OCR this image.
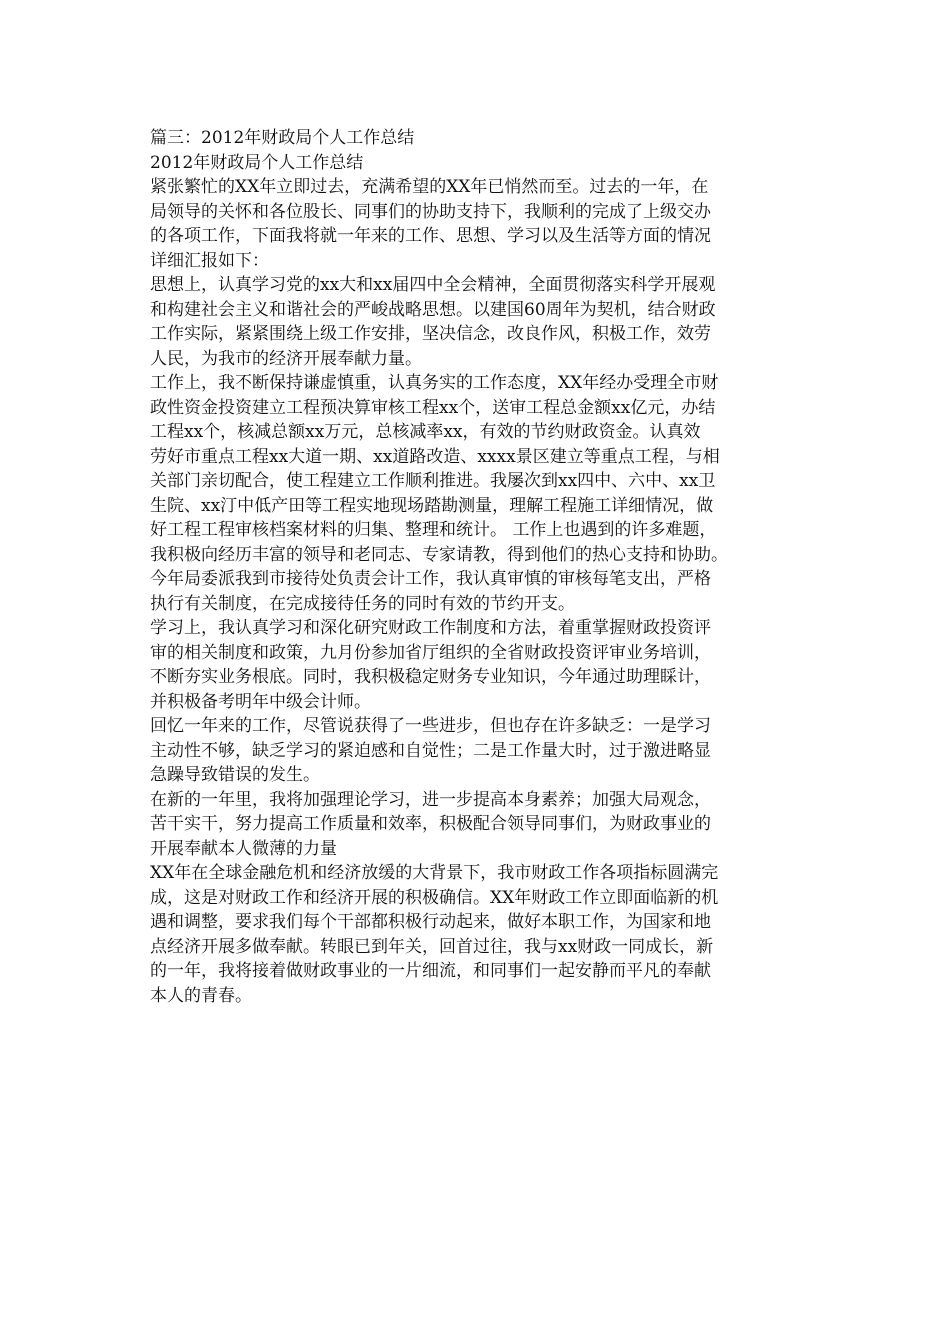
篇三：2012年财政局个人工作总结
2012年财政局个人工作总结
紧张繁忙的XX年立即过去，充满希望的XX年已悄然而至。过去的一年，在
局领导的关怀和各位股长、同事们的协助支持下，我顺利的完成了上级交办
的各项工作，下面我将就一年来的工作、思想、学习以及生活等方面的情况
详细汇报如下：
思想上，认真学习党的xx大和xx届四中全会精神，全面贯彻落实科学开展观
和构建社会主义和谐社会的严峻战略思想。以建国60周年为契机，结合财政
工作实际，紧紧围绕上级工作安排，坚决信念，改良作风，积极工作，效劳
人民，为我市的经济开展奉献力量。
工作上，我不断保持谦虚慎重，认真务实的工作态度，XX年经办受理全市财
政性资金投资建立工程预决算审核工程xx个，送审工程总金额xx亿元，办结
工程xx个，核减总额xx万元，总核减率xx，有效的节约财政资金。认真效
劳好市重点工程xx大道一期、xx道路改造、xxxx景区建立等重点工程，与相
关部门亲切配合，使工程建立工作顺利推进。我屡次到xx四中、六中、xx卫
生院、xx汀中低产田等工程实地现场踏勘测量，理解工程施工详细情况，做
好工程工程审核档案材料的归集、整理和统计。 工作上也遇到的许多难题，
我积极向经历丰富的领导和老同志、专家请教，得到他们的热心支持和协助。
今年局委派我到市接待处负责会计工作，我认真审慎的审核每笔支出，严格
执行有关制度，在完成接待任务的同时有效的节约开支。
学习上，我认真学习和深化研究财政工作制度和方法，着重掌握财政投资评
审的相关制度和政策，九月份参加省厅组织的全省财政投资评审业务培训，
不断夯实业务根底。同时，我积极稳定财务专业知识，今年通过助理睬计，
并积极备考明年中级会计师。
回忆一年来的工作，尽管说获得了一些进步，但也存在许多缺乏：一是学习
主动性不够，缺乏学习的紧迫感和自觉性；二是工作量大时，过于激进略显
急躁导致错误的发生。
在新的一年里，我将加强理论学习，进一步提高本身素养；加强大局观念，
苦干实干，努力提高工作质量和效率，积极配合领导同事们，为财政事业的
开展奉献本人微薄的力量
XX年在全球金融危机和经济放缓的大背景下，我市财政工作各项指标圆满完
成，这是对财政工作和经济开展的积极确信。XX年财政工作立即面临新的机
遇和调整，要求我们每个干部都积极行动起来，做好本职工作，为国家和地
点经济开展多做奉献。转眼已到年关，回首过往，我与xx财政一同成长，新
的一年，我将接着做财政事业的一片细流，和同事们一起安静而平凡的奉献
本人的青春。
